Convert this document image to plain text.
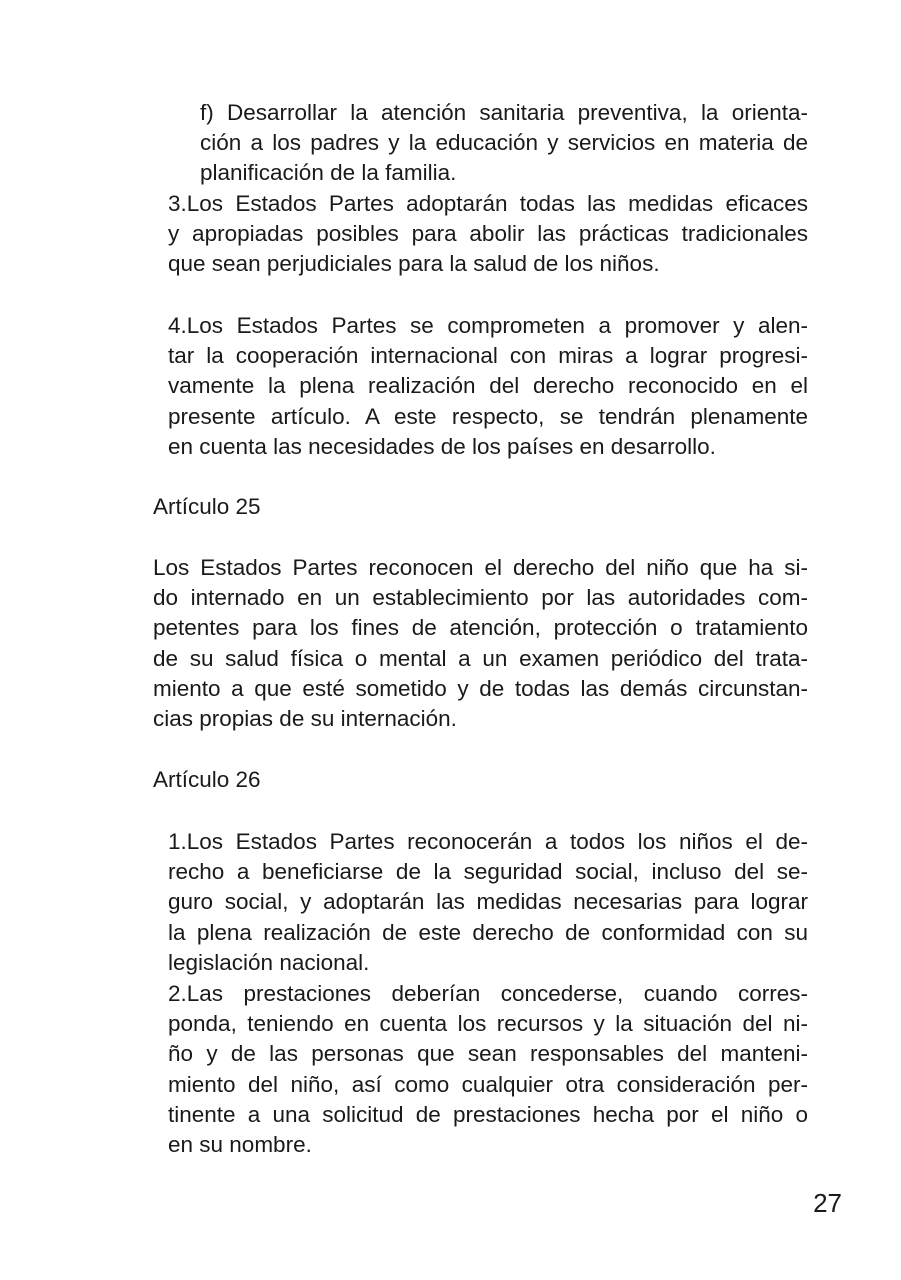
f) Desarrollar la atención sanitaria preventiva, la orienta-
ción a los padres y la educación y servicios en materia de
planificación de la familia.
3.Los Estados Partes adoptarán todas las medidas eficaces
y apropiadas posibles para abolir las prácticas tradicionales
que sean perjudiciales para la salud de los niños.
4.Los Estados Partes se comprometen a promover y alen-
tar la cooperación internacional con miras a lograr progresi-
vamente la plena realización del derecho reconocido en el
presente artículo. A este respecto, se tendrán plenamente
en cuenta las necesidades de los países en desarrollo.
Artículo 25
Los Estados Partes reconocen el derecho del niño que ha si-
do internado en un establecimiento por las autoridades com-
petentes para los fines de atención, protección o tratamiento
de su salud física o mental a un examen periódico del trata-
miento a que esté sometido y de todas las demás circunstan-
cias propias de su internación.
Artículo 26
1.Los Estados Partes reconocerán a todos los niños el de-
recho a beneficiarse de la seguridad social, incluso del se-
guro social, y adoptarán las medidas necesarias para lograr
la plena realización de este derecho de conformidad con su
legislación nacional.
2.Las prestaciones deberían concederse, cuando corres-
ponda, teniendo en cuenta los recursos y la situación del ni-
ño y de las personas que sean responsables del manteni-
miento del niño, así como cualquier otra consideración per-
tinente a una solicitud de prestaciones hecha por el niño o
en su nombre.
27
